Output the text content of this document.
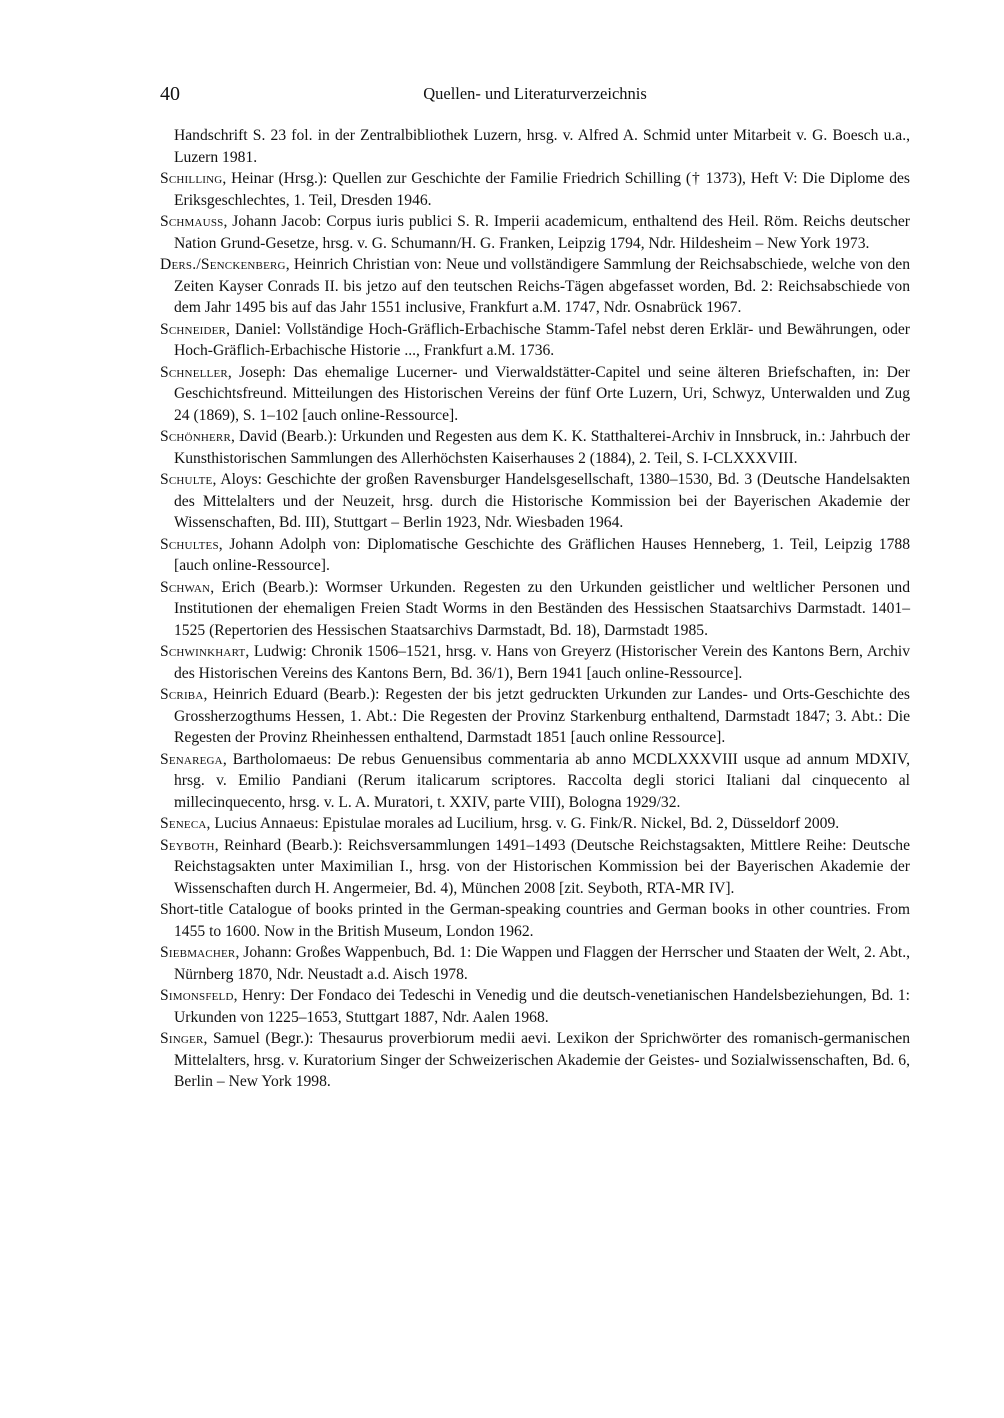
40	Quellen- und Literaturverzeichnis

Handschrift S. 23 fol. in der Zentralbibliothek Luzern, hrsg. v. Alfred A. Schmid unter Mitarbeit v. G. Boesch u.a., Luzern 1981.

Schilling, Heinar (Hrsg.): Quellen zur Geschichte der Familie Friedrich Schilling († 1373), Heft V: Die Diplome des Eriksgeschlechtes, 1. Teil, Dresden 1946.

Schmauss, Johann Jacob: Corpus iuris publici S. R. Imperii academicum, enthaltend des Heil. Röm. Reichs deutscher Nation Grund-Gesetze, hrsg. v. G. Schumann/H. G. Franken, Leipzig 1794, Ndr. Hildesheim – New York 1973.

Ders./Senckenberg, Heinrich Christian von: Neue und vollständigere Sammlung der Reichsabschiede, welche von den Zeiten Kayser Conrads II. bis jetzo auf den teutschen Reichs-Tägen abgefasset worden, Bd. 2: Reichsabschiede von dem Jahr 1495 bis auf das Jahr 1551 inclusive, Frankfurt a.M. 1747, Ndr. Osnabrück 1967.

Schneider, Daniel: Vollständige Hoch-Gräflich-Erbachische Stamm-Tafel nebst deren Erklär- und Bewährungen, oder Hoch-Gräflich-Erbachische Historie ..., Frankfurt a.M. 1736.

Schneller, Joseph: Das ehemalige Lucerner- und Vierwaldstätter-Capitel und seine älteren Briefschaften, in: Der Geschichtsfreund. Mitteilungen des Historischen Vereins der fünf Orte Luzern, Uri, Schwyz, Unterwalden und Zug 24 (1869), S. 1–102 [auch online-Ressource].

Schönherr, David (Bearb.): Urkunden und Regesten aus dem K. K. Statthalterei-Archiv in Innsbruck, in.: Jahrbuch der Kunsthistorischen Sammlungen des Allerhöchsten Kaiserhauses 2 (1884), 2. Teil, S. I-CLXXXVIII.

Schulte, Aloys: Geschichte der großen Ravensburger Handelsgesellschaft, 1380–1530, Bd. 3 (Deutsche Handelsakten des Mittelalters und der Neuzeit, hrsg. durch die Historische Kommission bei der Bayerischen Akademie der Wissenschaften, Bd. III), Stuttgart – Berlin 1923, Ndr. Wiesbaden 1964.

Schultes, Johann Adolph von: Diplomatische Geschichte des Gräflichen Hauses Henneberg, 1. Teil, Leipzig 1788 [auch online-Ressource].

Schwan, Erich (Bearb.): Wormser Urkunden. Regesten zu den Urkunden geistlicher und weltlicher Personen und Institutionen der ehemaligen Freien Stadt Worms in den Beständen des Hessischen Staatsarchivs Darmstadt. 1401–1525 (Repertorien des Hessischen Staatsarchivs Darmstadt, Bd. 18), Darmstadt 1985.

Schwinkhart, Ludwig: Chronik 1506–1521, hrsg. v. Hans von Greyerz (Historischer Verein des Kantons Bern, Archiv des Historischen Vereins des Kantons Bern, Bd. 36/1), Bern 1941 [auch online-Ressource].

Scriba, Heinrich Eduard (Bearb.): Regesten der bis jetzt gedruckten Urkunden zur Landes- und Orts-Geschichte des Grossherzogthums Hessen, 1. Abt.: Die Regesten der Provinz Starkenburg enthaltend, Darmstadt 1847; 3. Abt.: Die Regesten der Provinz Rheinhessen enthaltend, Darmstadt 1851 [auch online Ressource].

Senarega, Bartholomaeus: De rebus Genuensibus commentaria ab anno MCDLXXXVIII usque ad annum MDXIV, hrsg. v. Emilio Pandiani (Rerum italicarum scriptores. Raccolta degli storici Italiani dal cinquecento al millecinquecento, hrsg. v. L. A. Muratori, t. XXIV, parte VIII), Bologna 1929/32.

Seneca, Lucius Annaeus: Epistulae morales ad Lucilium, hrsg. v. G. Fink/R. Nickel, Bd. 2, Düsseldorf 2009.

Seyboth, Reinhard (Bearb.): Reichsversammlungen 1491–1493 (Deutsche Reichstagsakten, Mittlere Reihe: Deutsche Reichstagsakten unter Maximilian I., hrsg. von der Historischen Kommission bei der Bayerischen Akademie der Wissenschaften durch H. Angermeier, Bd. 4), München 2008 [zit. Seyboth, RTA-MR IV].

Short-title Catalogue of books printed in the German-speaking countries and German books in other countries. From 1455 to 1600. Now in the British Museum, London 1962.

Siebmacher, Johann: Großes Wappenbuch, Bd. 1: Die Wappen und Flaggen der Herrscher und Staaten der Welt, 2. Abt., Nürnberg 1870, Ndr. Neustadt a.d. Aisch 1978.

Simonsfeld, Henry: Der Fondaco dei Tedeschi in Venedig und die deutsch-venetianischen Handelsbeziehungen, Bd. 1: Urkunden von 1225–1653, Stuttgart 1887, Ndr. Aalen 1968.

Singer, Samuel (Begr.): Thesaurus proverbiorum medii aevi. Lexikon der Sprichwörter des romanisch-germanischen Mittelalters, hrsg. v. Kuratorium Singer der Schweizerischen Akademie der Geistes- und Sozialwissenschaften, Bd. 6, Berlin – New York 1998.
